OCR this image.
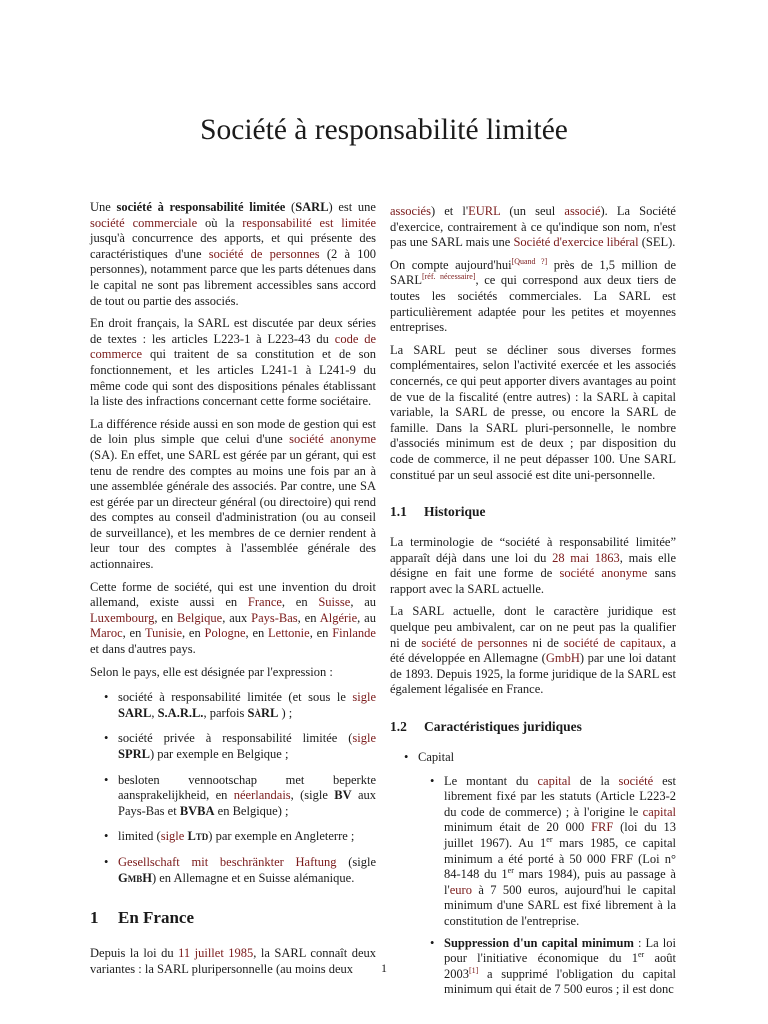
Société à responsabilité limitée

Une société à responsabilité limitée (SARL) est une société commerciale où la responsabilité est limitée jusqu'à concurrence des apports, et qui présente des caractéristiques d'une société de personnes (2 à 100 personnes), notamment parce que les parts détenues dans le capital ne sont pas librement accessibles sans accord de tout ou partie des associés.

En droit français, la SARL est discutée par deux séries de textes : les articles L223-1 à L223-43 du code de commerce qui traitent de sa constitution et de son fonctionnement, et les articles L241-1 à L241-9 du même code qui sont des dispositions pénales établissant la liste des infractions concernant cette forme sociétaire.

La différence réside aussi en son mode de gestion qui est de loin plus simple que celui d'une société anonyme (SA). En effet, une SARL est gérée par un gérant, qui est tenu de rendre des comptes au moins une fois par an à une assemblée générale des associés. Par contre, une SA est gérée par un directeur général (ou directoire) qui rend des comptes au conseil d'administration (ou au conseil de surveillance), et les membres de ce dernier rendent à leur tour des comptes à l'assemblée générale des actionnaires.

Cette forme de société, qui est une invention du droit allemand, existe aussi en France, en Suisse, au Luxembourg, en Belgique, aux Pays-Bas, en Algérie, au Maroc, en Tunisie, en Pologne, en Lettonie, en Finlande et dans d'autres pays.

Selon le pays, elle est désignée par l'expression :

• société à responsabilité limitée (et sous le sigle SARL, S.A.R.L., parfois SàRL ) ;
• société privée à responsabilité limitée (sigle SPRL) par exemple en Belgique ;
• besloten vennootschap met beperkte aansprakelijkheid, en néerlandais, (sigle BV aux Pays-Bas et BVBA en Belgique) ;
• limited (sigle Ltd) par exemple en Angleterre ;
• Gesellschaft mit beschränkter Haftung (sigle GmbH) en Allemagne et en Suisse alémanique.
1 En France

Depuis la loi du 11 juillet 1985, la SARL connaît deux variantes : la SARL pluripersonnelle (au moins deux

associés) et l'EURL (un seul associé). La Société d'exercice, contrairement à ce qu'indique son nom, n'est pas une SARL mais une Société d'exercice libéral (SEL).

On compte aujourd'hui[Quand ?] près de 1,5 million de SARL[réf. nécessaire], ce qui correspond aux deux tiers de toutes les sociétés commerciales. La SARL est particulièrement adaptée pour les petites et moyennes entreprises.

La SARL peut se décliner sous diverses formes complémentaires, selon l'activité exercée et les associés concernés, ce qui peut apporter divers avantages au point de vue de la fiscalité (entre autres) : la SARL à capital variable, la SARL de presse, ou encore la SARL de famille. Dans la SARL pluri-personnelle, le nombre d'associés minimum est de deux ; par disposition du code de commerce, il ne peut dépasser 100. Une SARL constitué par un seul associé est dite uni-personnelle.

1.1 Historique

La terminologie de “société à responsabilité limitée” apparaît déjà dans une loi du 28 mai 1863, mais elle désigne en fait une forme de société anonyme sans rapport avec la SARL actuelle.

La SARL actuelle, dont le caractère juridique est quelque peu ambivalent, car on ne peut pas la qualifier ni de société de personnes ni de société de capitaux, a été développée en Allemagne (GmbH) par une loi datant de 1893. Depuis 1925, la forme juridique de la SARL est également légalisée en France.

1.2 Caractéristiques juridiques
• Capital
• Le montant du capital de la société est librement fixé par les statuts (Article L223-2 du code de commerce) ; à l'origine le capital minimum était de 20 000 FRF (loi du 13 juillet 1967). Au 1er mars 1985, ce capital minimum a été porté à 50 000 FRF (Loi n° 84-148 du 1er mars 1984), puis au passage à l'euro à 7 500 euros, aujourd'hui le capital minimum d'une SARL est fixé librement à la constitution de l'entreprise.
• Suppression d'un capital minimum : La loi pour l'initiative économique du 1er août 2003[1] a supprimé l'obligation du capital minimum qui était de 7 500 euros ; il est donc
1
